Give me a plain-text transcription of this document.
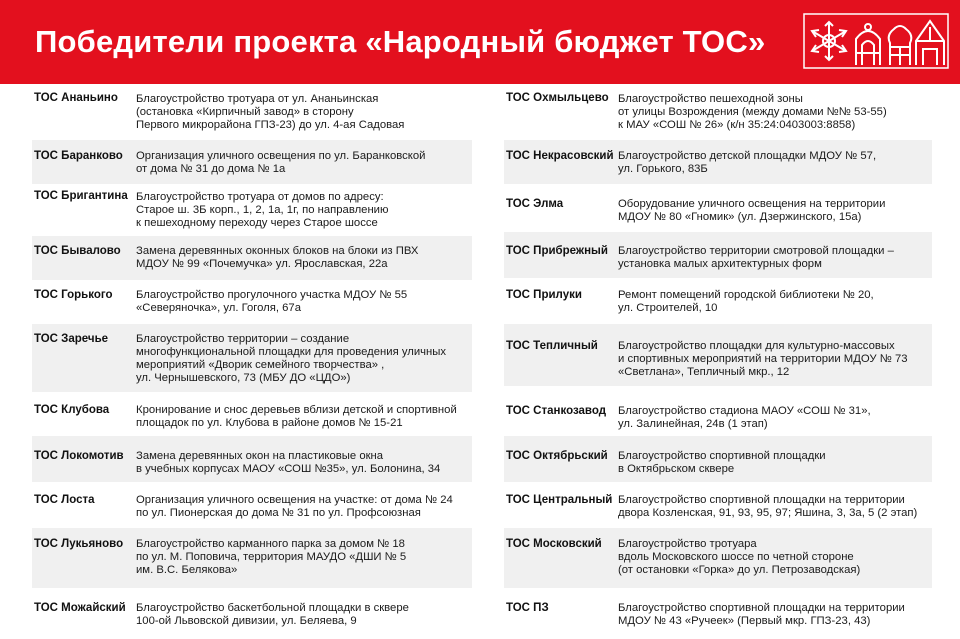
Победители проекта «Народный бюджет ТОС»
ТОС Ананьино Благоустройство тротуара от ул. Ананьинская
(остановка «Кирпичный завод» в сторону
Первого микрорайона ГПЗ-23) до ул. 4-ая Садовая
ТОС Баранково Организация уличного освещения по ул. Баранковской
от дома № 31 до дома № 1а
ТОС Бригантина Благоустройство тротуара от домов по адресу:
Старое ш. 3Б корп., 1, 2, 1а, 1г, по направлению
к пешеходному переходу через Старое шоссе
ТОС Бывалово Замена деревянных оконных блоков на блоки из ПВХ
МДОУ № 99 «Почемучка» ул. Ярославская, 22а
ТОС Горького Благоустройство прогулочного участка МДОУ № 55
«Северяночка», ул. Гоголя, 67а
ТОС Заречье Благоустройство территории – создание
многофункциональной площадки для проведения уличных
мероприятий «Дворик семейного творчества» ,
ул. Чернышевского, 73 (МБУ ДО «ЦДО»)
ТОС Клубова Кронирование и снос деревьев вблизи детской и спортивной
площадок по ул. Клубова в районе домов № 15-21
ТОС Локомотив Замена деревянных окон на пластиковые окна
в учебных корпусах МАОУ «СОШ №35», ул. Болонина, 34
ТОС Лоста	Организация уличного освещения на участке: от дома № 24
по ул. Пионерская до дома № 31 по ул. Профсоюзная
ТОС Лукьяново Благоустройство карманного парка за домом № 18
по ул. М. Поповича, территория МАУДО «ДШИ № 5
им. В.С. Белякова»
ТОС Можайский Благоустройство баскетбольной площадки в сквере
100-ой Львовской дивизии, ул. Беляева, 9
ТОС Охмыльцево Благоустройство пешеходной зоны
от улицы Возрождения (между домами №№ 53-55)
к МАУ «СОШ № 26» (к/н 35:24:0403003:8858)
ТОС Некрасовский Благоустройство детской площадки МДОУ № 57,
ул. Горького, 83Б
ТОС Элма	Оборудование уличного освещения на территории
МДОУ № 80 «Гномик» (ул. Дзержинского, 15а)
ТОС Прибрежный Благоустройство территории смотровой площадки –
установка малых архитектурных форм
ТОС Прилуки	Ремонт помещений городской библиотеки № 20,
ул. Строителей, 10
ТОС Тепличный Благоустройство площадки для культурно-массовых
и спортивных мероприятий на территории МДОУ № 73
«Светлана», Тепличный мкр., 12
ТОС Станкозавод Благоустройство стадиона МАОУ «СОШ № 31»,
ул. Залинейная, 24в (1 этап)
ТОС Октябрьский Благоустройство спортивной площадки
в Октябрьском сквере
ТОС Центральный Благоустройство спортивной площадки на территории
двора Козленская, 91, 93, 95, 97; Яшина, 3, 3а, 5 (2 этап)
ТОС Московский Благоустройство тротуара
вдоль Московского шоссе по четной стороне
(от остановки «Горка» до ул. Петрозаводская)
ТОС ПЗ	Благоустройство спортивной площадки на территории
МДОУ № 43 «Ручеек» (Первый мкр. ГПЗ-23, 43)
